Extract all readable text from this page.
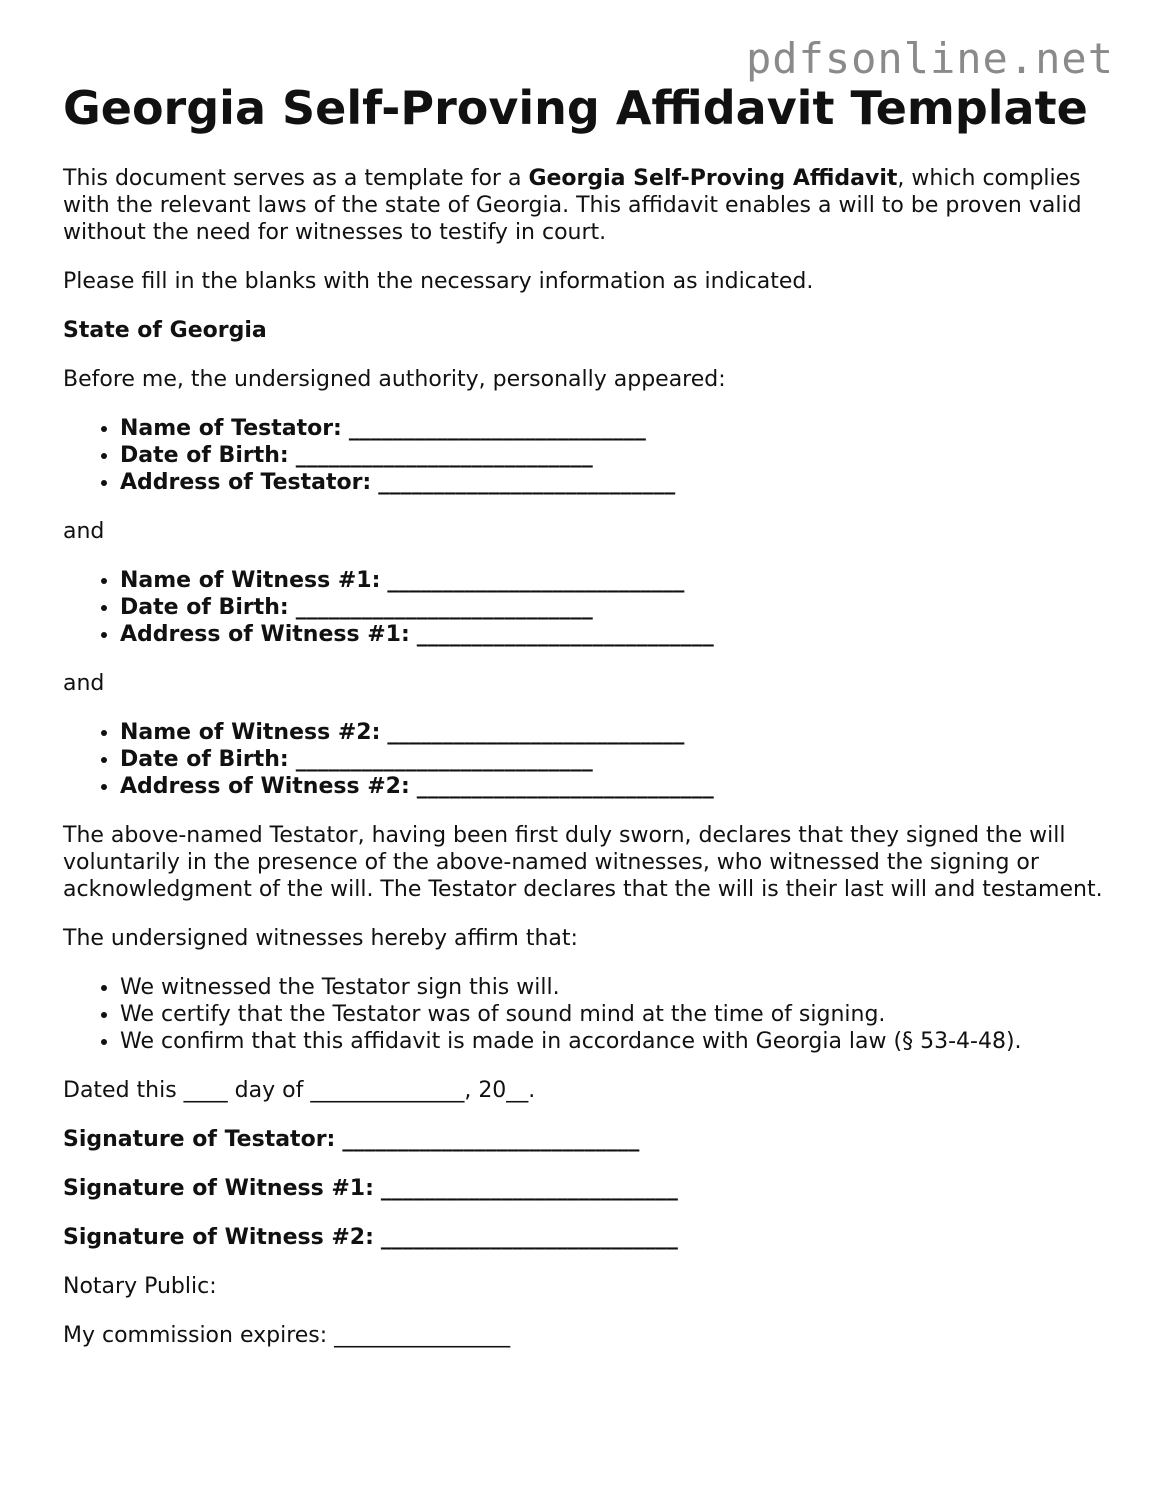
pdfsonline.net
Georgia Self-Proving Affidavit Template

This document serves as a template for a Georgia Self-Proving Affidavit, which complies with the relevant laws of the state of Georgia. This affidavit enables a will to be proven valid without the need for witnesses to testify in court.

Please fill in the blanks with the necessary information as indicated.

State of Georgia

Before me, the undersigned authority, personally appeared:

• Name of Testator: ___________________________
• Date of Birth: ___________________________
• Address of Testator: ___________________________

and

• Name of Witness #1: ___________________________
• Date of Birth: ___________________________
• Address of Witness #1: ___________________________

and

• Name of Witness #2: ___________________________
• Date of Birth: ___________________________
• Address of Witness #2: ___________________________

The above-named Testator, having been first duly sworn, declares that they signed the will voluntarily in the presence of the above-named witnesses, who witnessed the signing or acknowledgment of the will. The Testator declares that the will is their last will and testament.

The undersigned witnesses hereby affirm that:

• We witnessed the Testator sign this will.
• We certify that the Testator was of sound mind at the time of signing.
• We confirm that this affidavit is made in accordance with Georgia law (§ 53-4-48).

Dated this ____ day of ______________, 20__.

Signature of Testator: ___________________________

Signature of Witness #1: ___________________________

Signature of Witness #2: ___________________________

Notary Public:

My commission expires: ________________
